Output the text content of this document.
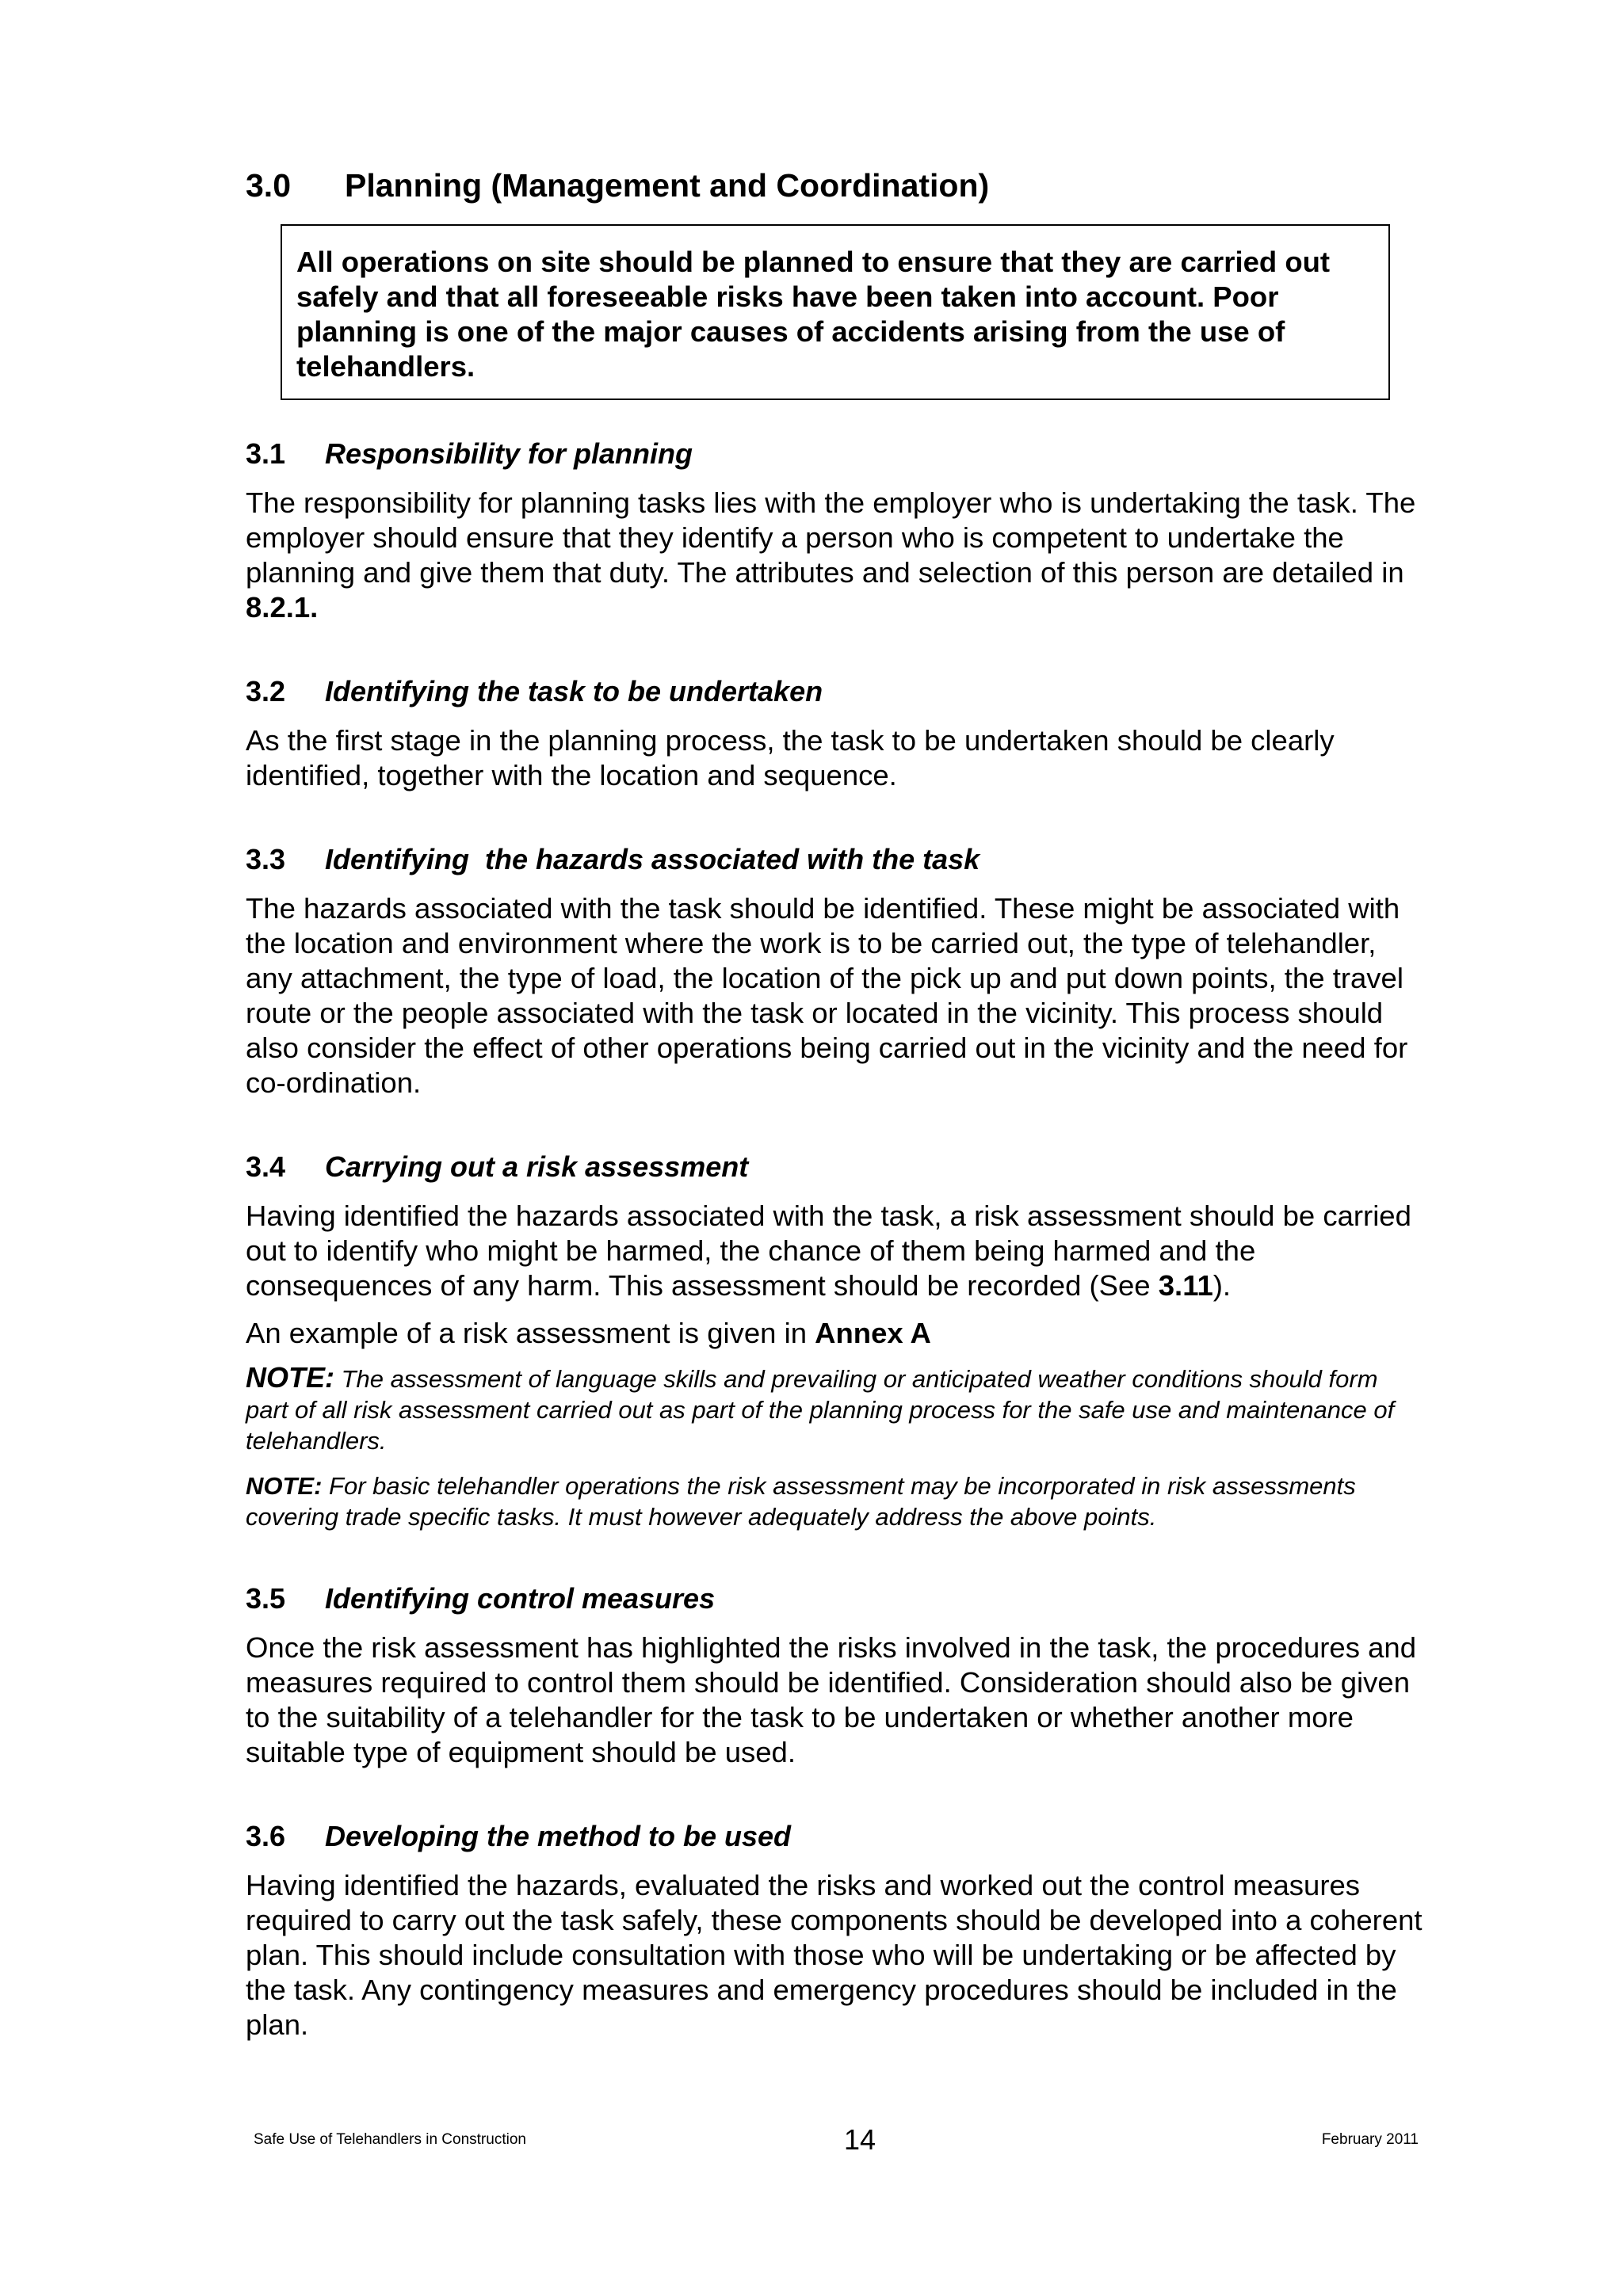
3.0 Planning (Management and Coordination)
All operations on site should be planned to ensure that they are carried out safely and that all foreseeable risks have been taken into account. Poor planning is one of the major causes of accidents arising from the use of telehandlers.
3.1 Responsibility for planning

The responsibility for planning tasks lies with the employer who is undertaking the task. The employer should ensure that they identify a person who is competent to undertake the planning and give them that duty. The attributes and selection of this person are detailed in 8.2.1.

3.2 Identifying the task to be undertaken

As the first stage in the planning process, the task to be undertaken should be clearly identified, together with the location and sequence.

3.3 Identifying  the hazards associated with the task

The hazards associated with the task should be identified. These might be associated with the location and environment where the work is to be carried out, the type of telehandler, any attachment, the type of load, the location of the pick up and put down points, the travel route or the people associated with the task or located in the vicinity. This process should also consider the effect of other operations being carried out in the vicinity and the need for co-ordination.

3.4 Carrying out a risk assessment

Having identified the hazards associated with the task, a risk assessment should be carried out to identify who might be harmed, the chance of them being harmed and the consequences of any harm. This assessment should be recorded (See 3.11).

An example of a risk assessment is given in Annex A

NOTE: The assessment of language skills and prevailing or anticipated weather conditions should form part of all risk assessment carried out as part of the planning process for the safe use and maintenance of telehandlers.

NOTE: For basic telehandler operations the risk assessment may be incorporated in risk assessments covering trade specific tasks. It must however adequately address the above points.

3.5 Identifying control measures

Once the risk assessment has highlighted the risks involved in the task, the procedures and measures required to control them should be identified. Consideration should also be given to the suitability of a telehandler for the task to be undertaken or whether another more suitable type of equipment should be used.

3.6 Developing the method to be used

Having identified the hazards, evaluated the risks and worked out the control measures required to carry out the task safely, these components should be developed into a coherent plan. This should include consultation with those who will be undertaking or be affected by the task. Any contingency measures and emergency procedures should be included in the plan.

Safe Use of Telehandlers in Construction	14	February 2011
